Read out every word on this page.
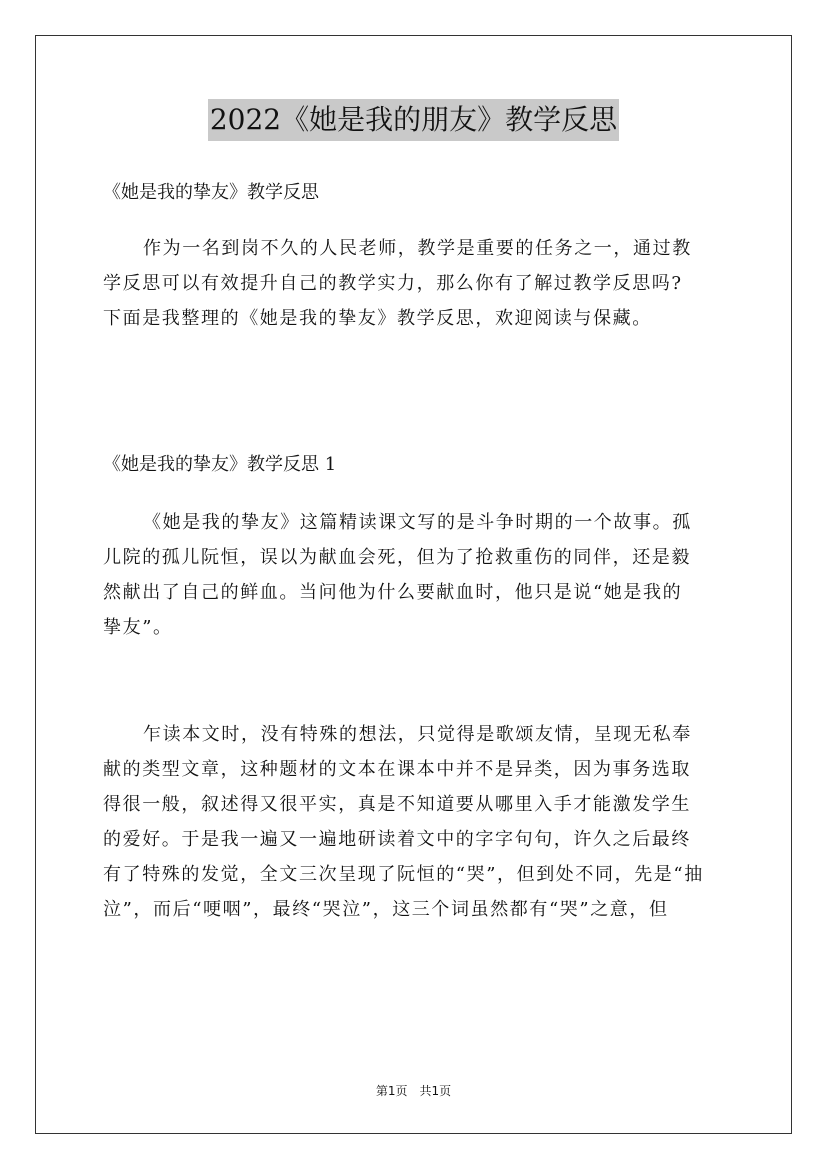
2022《她是我的朋友》教学反思
《她是我的挚友》教学反思
作为一名到岗不久的人民老师，教学是重要的任务之一，通过教
学反思可以有效提升自己的教学实力，那么你有了解过教学反思吗?
下面是我整理的《她是我的挚友》教学反思，欢迎阅读与保藏。
《她是我的挚友》教学反思 1
《她是我的挚友》这篇精读课文写的是斗争时期的一个故事。孤
儿院的孤儿阮恒，误以为献血会死，但为了抢救重伤的同伴，还是毅
然献出了自己的鲜血。当问他为什么要献血时，他只是说“她是我的
挚友”。
乍读本文时，没有特殊的想法，只觉得是歌颂友情，呈现无私奉
献的类型文章，这种题材的文本在课本中并不是异类，因为事务选取
得很一般，叙述得又很平实，真是不知道要从哪里入手才能激发学生
的爱好。于是我一遍又一遍地研读着文中的字字句句，许久之后最终
有了特殊的发觉，全文三次呈现了阮恒的“哭”，但到处不同，先是“抽
泣”，而后“哽咽”，最终“哭泣”，这三个词虽然都有“哭”之意，但
第1页　共1页
